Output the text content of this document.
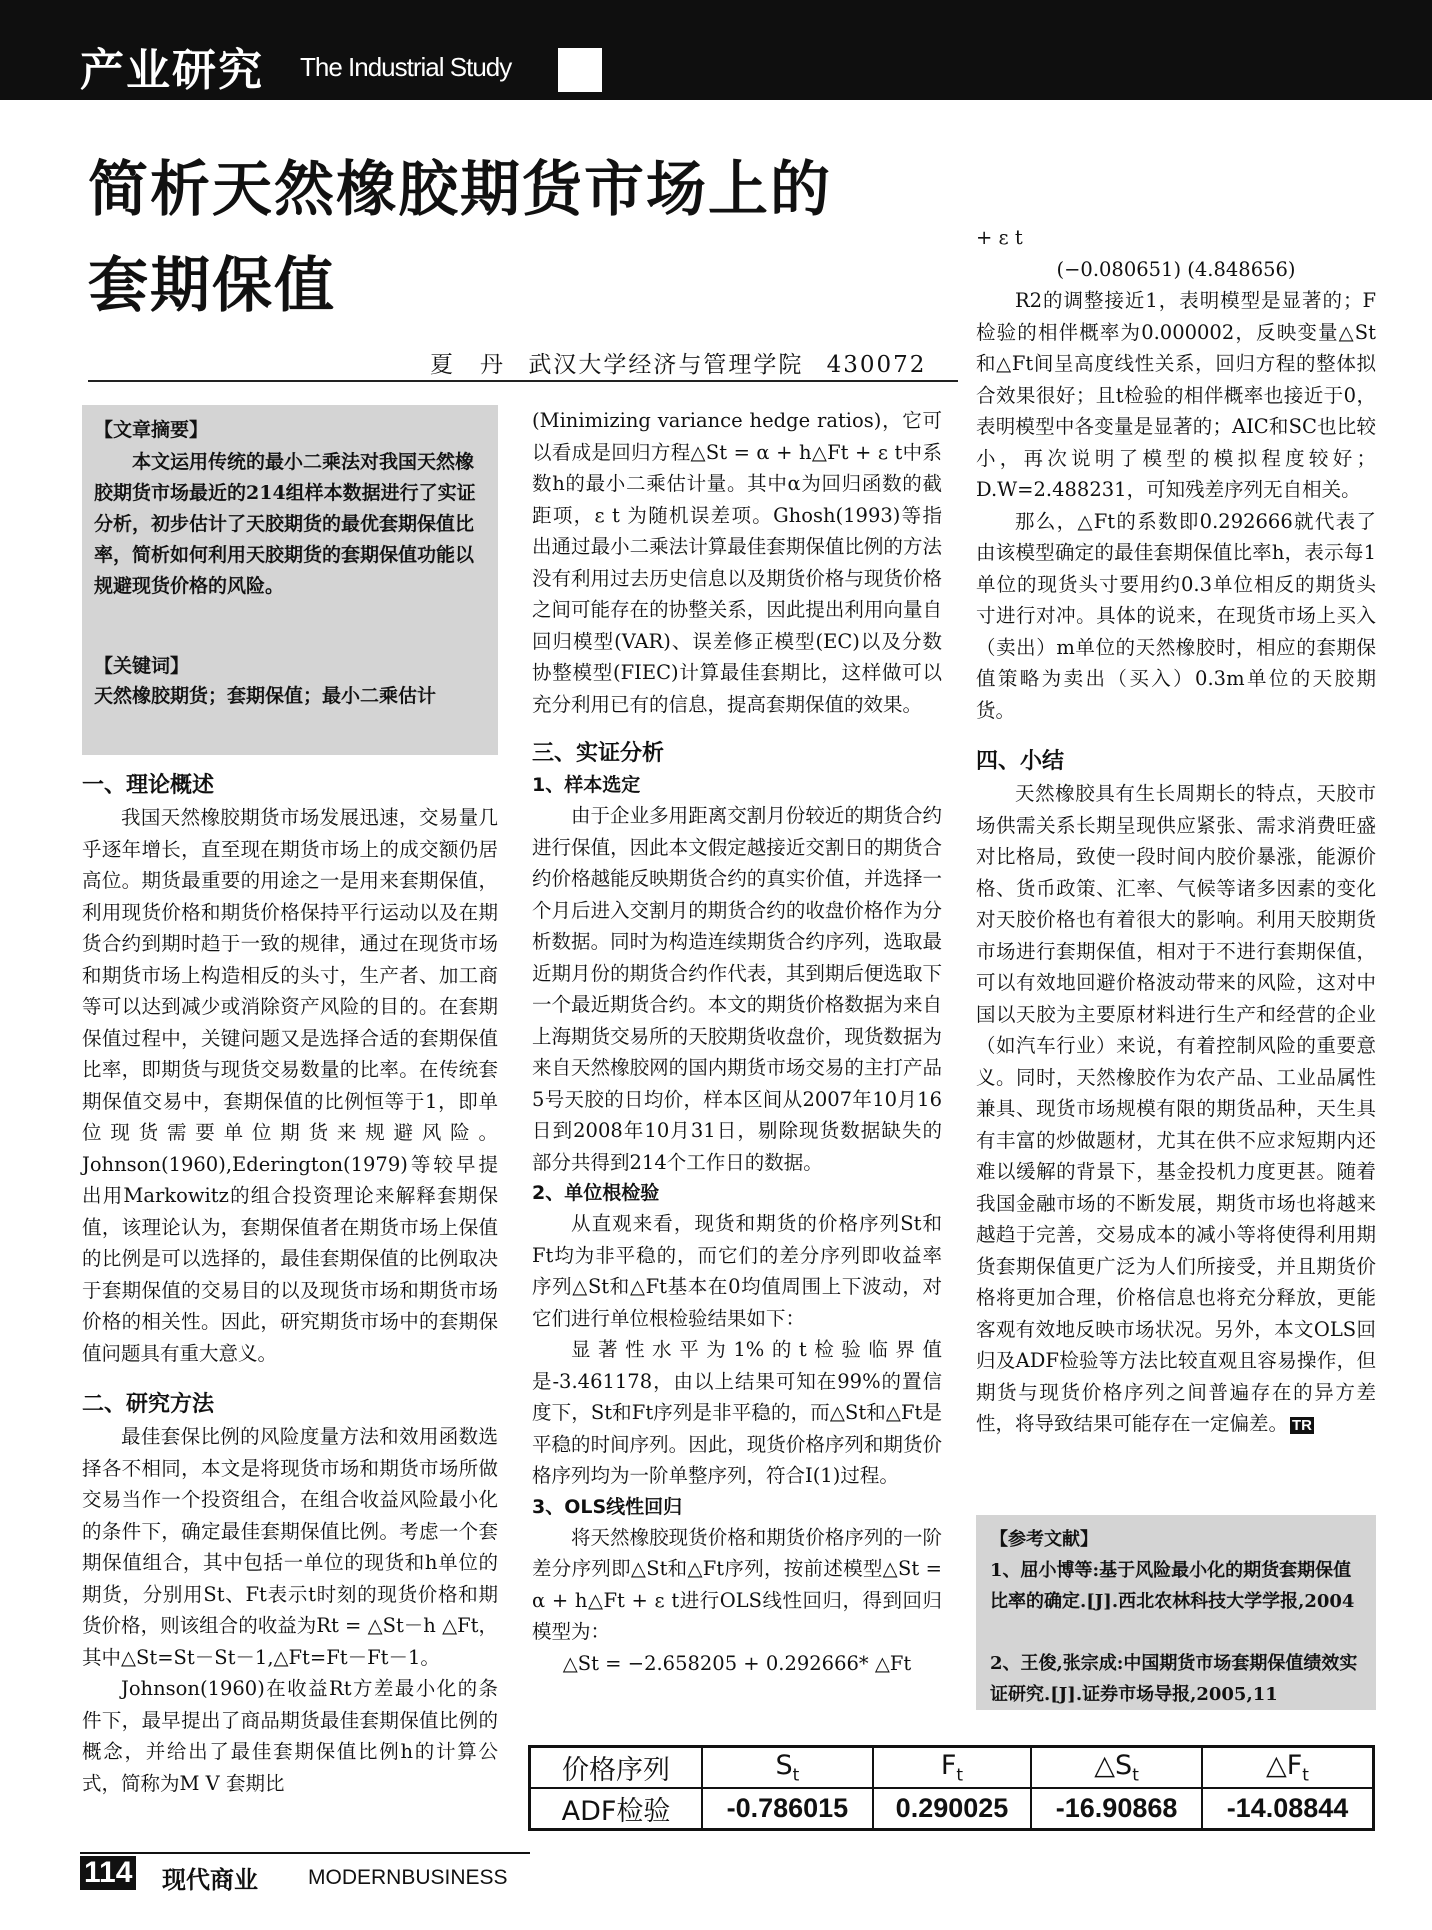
产业研究 The Industrial Study
简析天然橡胶期货市场上的
套期保值
夏　丹 武汉大学经济与管理学院 430072
【文章摘要】
本文运用传统的最小二乘法对我国天然橡胶期货市场最近的214组样本数据进行了实证分析，初步估计了天胶期货的最优套期保值比率，简析如何利用天胶期货的套期保值功能以规避现货价格的风险。
【关键词】
天然橡胶期货；套期保值；最小二乘估计
一、理论概述

我国天然橡胶期货市场发展迅速，交易量几乎逐年增长，直至现在期货市场上的成交额仍居高位。期货最重要的用途之一是用来套期保值，利用现货价格和期货价格保持平行运动以及在期货合约到期时趋于一致的规律，通过在现货市场和期货市场上构造相反的头寸，生产者、加工商等可以达到减少或消除资产风险的目的。在套期保值过程中，关键问题又是选择合适的套期保值比率，即期货与现货交易数量的比率。在传统套期保值交易中，套期保值的比例恒等于1，即单位现货需要单位期货来规避风险。Johnson(1960),Ederington(1979)等较早提出用Markowitz的组合投资理论来解释套期保值，该理论认为，套期保值者在期货市场上保值的比例是可以选择的，最佳套期保值的比例取决于套期保值的交易目的以及现货市场和期货市场价格的相关性。因此，研究期货市场中的套期保值问题具有重大意义。

二、研究方法

最佳套保比例的风险度量方法和效用函数选择各不相同，本文是将现货市场和期货市场所做交易当作一个投资组合，在组合收益风险最小化的条件下，确定最佳套期保值比例。考虑一个套期保值组合，其中包括一单位的现货和h单位的期货，分别用St、Ft表示t时刻的现货价格和期货价格，则该组合的收益为Rt = △St－h △Ft，其中△St=St－St－1,△Ft=Ft－Ft－1。

Johnson(1960)在收益Rt方差最小化的条件下，最早提出了商品期货最佳套期保值比例的概念，并给出了最佳套期保值比例h的计算公式，简称为M V 套期比

(Minimizing variance hedge ratios)，它可以看成是回归方程△St = α + h△Ft + ε t中系数h的最小二乘估计量。其中α为回归函数的截距项，ε t 为随机误差项。Ghosh(1993)等指出通过最小二乘法计算最佳套期保值比例的方法没有利用过去历史信息以及期货价格与现货价格之间可能存在的协整关系，因此提出利用向量自回归模型(VAR)、误差修正模型(EC)以及分数协整模型(FIEC)计算最佳套期比，这样做可以充分利用已有的信息，提高套期保值的效果。

三、实证分析
1、样本选定

由于企业多用距离交割月份较近的期货合约进行保值，因此本文假定越接近交割日的期货合约价格越能反映期货合约的真实价值，并选择一个月后进入交割月的期货合约的收盘价格作为分析数据。同时为构造连续期货合约序列，选取最近期月份的期货合约作代表，其到期后便选取下一个最近期货合约。本文的期货价格数据为来自上海期货交易所的天胶期货收盘价，现货数据为来自天然橡胶网的国内期货市场交易的主打产品5号天胶的日均价，样本区间从2007年10月16日到2008年10月31日，剔除现货数据缺失的部分共得到214个工作日的数据。

2、单位根检验

从直观来看，现货和期货的价格序列St和Ft均为非平稳的，而它们的差分序列即收益率序列△St和△Ft基本在0均值周围上下波动，对它们进行单位根检验结果如下：

显著性水平为1%的t检验临界值是-3.461178，由以上结果可知在99%的置信度下，St和Ft序列是非平稳的，而△St和△Ft是平稳的时间序列。因此，现货价格序列和期货价格序列均为一阶单整序列，符合I(1)过程。

3、OLS线性回归

将天然橡胶现货价格和期货价格序列的一阶差分序列即△St和△Ft序列，按前述模型△St = α + h△Ft + ε t进行OLS线性回归，得到回归模型为：

△St = −2.658205 + 0.292666* △Ft

+ ε t

(−0.080651) (4.848656)

R2的调整接近1，表明模型是显著的；F检验的相伴概率为0.000002，反映变量△St和△Ft间呈高度线性关系，回归方程的整体拟合效果很好；且t检验的相伴概率也接近于0，表明模型中各变量是显著的；AIC和SC也比较小，再次说明了模型的模拟程度较好；D.W=2.488231，可知残差序列无自相关。

那么，△Ft的系数即0.292666就代表了由该模型确定的最佳套期保值比率h，表示每1单位的现货头寸要用约0.3单位相反的期货头寸进行对冲。具体的说来，在现货市场上买入（卖出）m单位的天然橡胶时，相应的套期保值策略为卖出（买入）0.3m单位的天胶期货。

四、小结

天然橡胶具有生长周期长的特点，天胶市场供需关系长期呈现供应紧张、需求消费旺盛对比格局，致使一段时间内胶价暴涨，能源价格、货币政策、汇率、气候等诸多因素的变化对天胶价格也有着很大的影响。利用天胶期货市场进行套期保值，相对于不进行套期保值，可以有效地回避价格波动带来的风险，这对中国以天胶为主要原材料进行生产和经营的企业（如汽车行业）来说，有着控制风险的重要意义。同时，天然橡胶作为农产品、工业品属性兼具、现货市场规模有限的期货品种，天生具有丰富的炒做题材，尤其在供不应求短期内还难以缓解的背景下，基金投机力度更甚。随着我国金融市场的不断发展，期货市场也将越来越趋于完善，交易成本的减小等将使得利用期货套期保值更广泛为人们所接受，并且期货价格将更加合理，价格信息也将充分释放，更能客观有效地反映市场状况。另外，本文OLS回归及ADF检验等方法比较直观且容易操作，但期货与现货价格序列之间普遍存在的异方差性，将导致结果可能存在一定偏差。 TR

【参考文献】
1、屈小博等:基于风险最小化的期货套期保值比率的确定.[J].西北农林科技大学学报,2004
2、王俊,张宗成:中国期货市场套期保值绩效实证研究.[J].证券市场导报,2005,11
价格序列	$S_t$	$F_t$	$\triangle S_t$	$\triangle F_t$
ADF检验	-0.786015	0.290025	-16.90868	-14.08844
114 现代商业 MODERNBUSINESS
